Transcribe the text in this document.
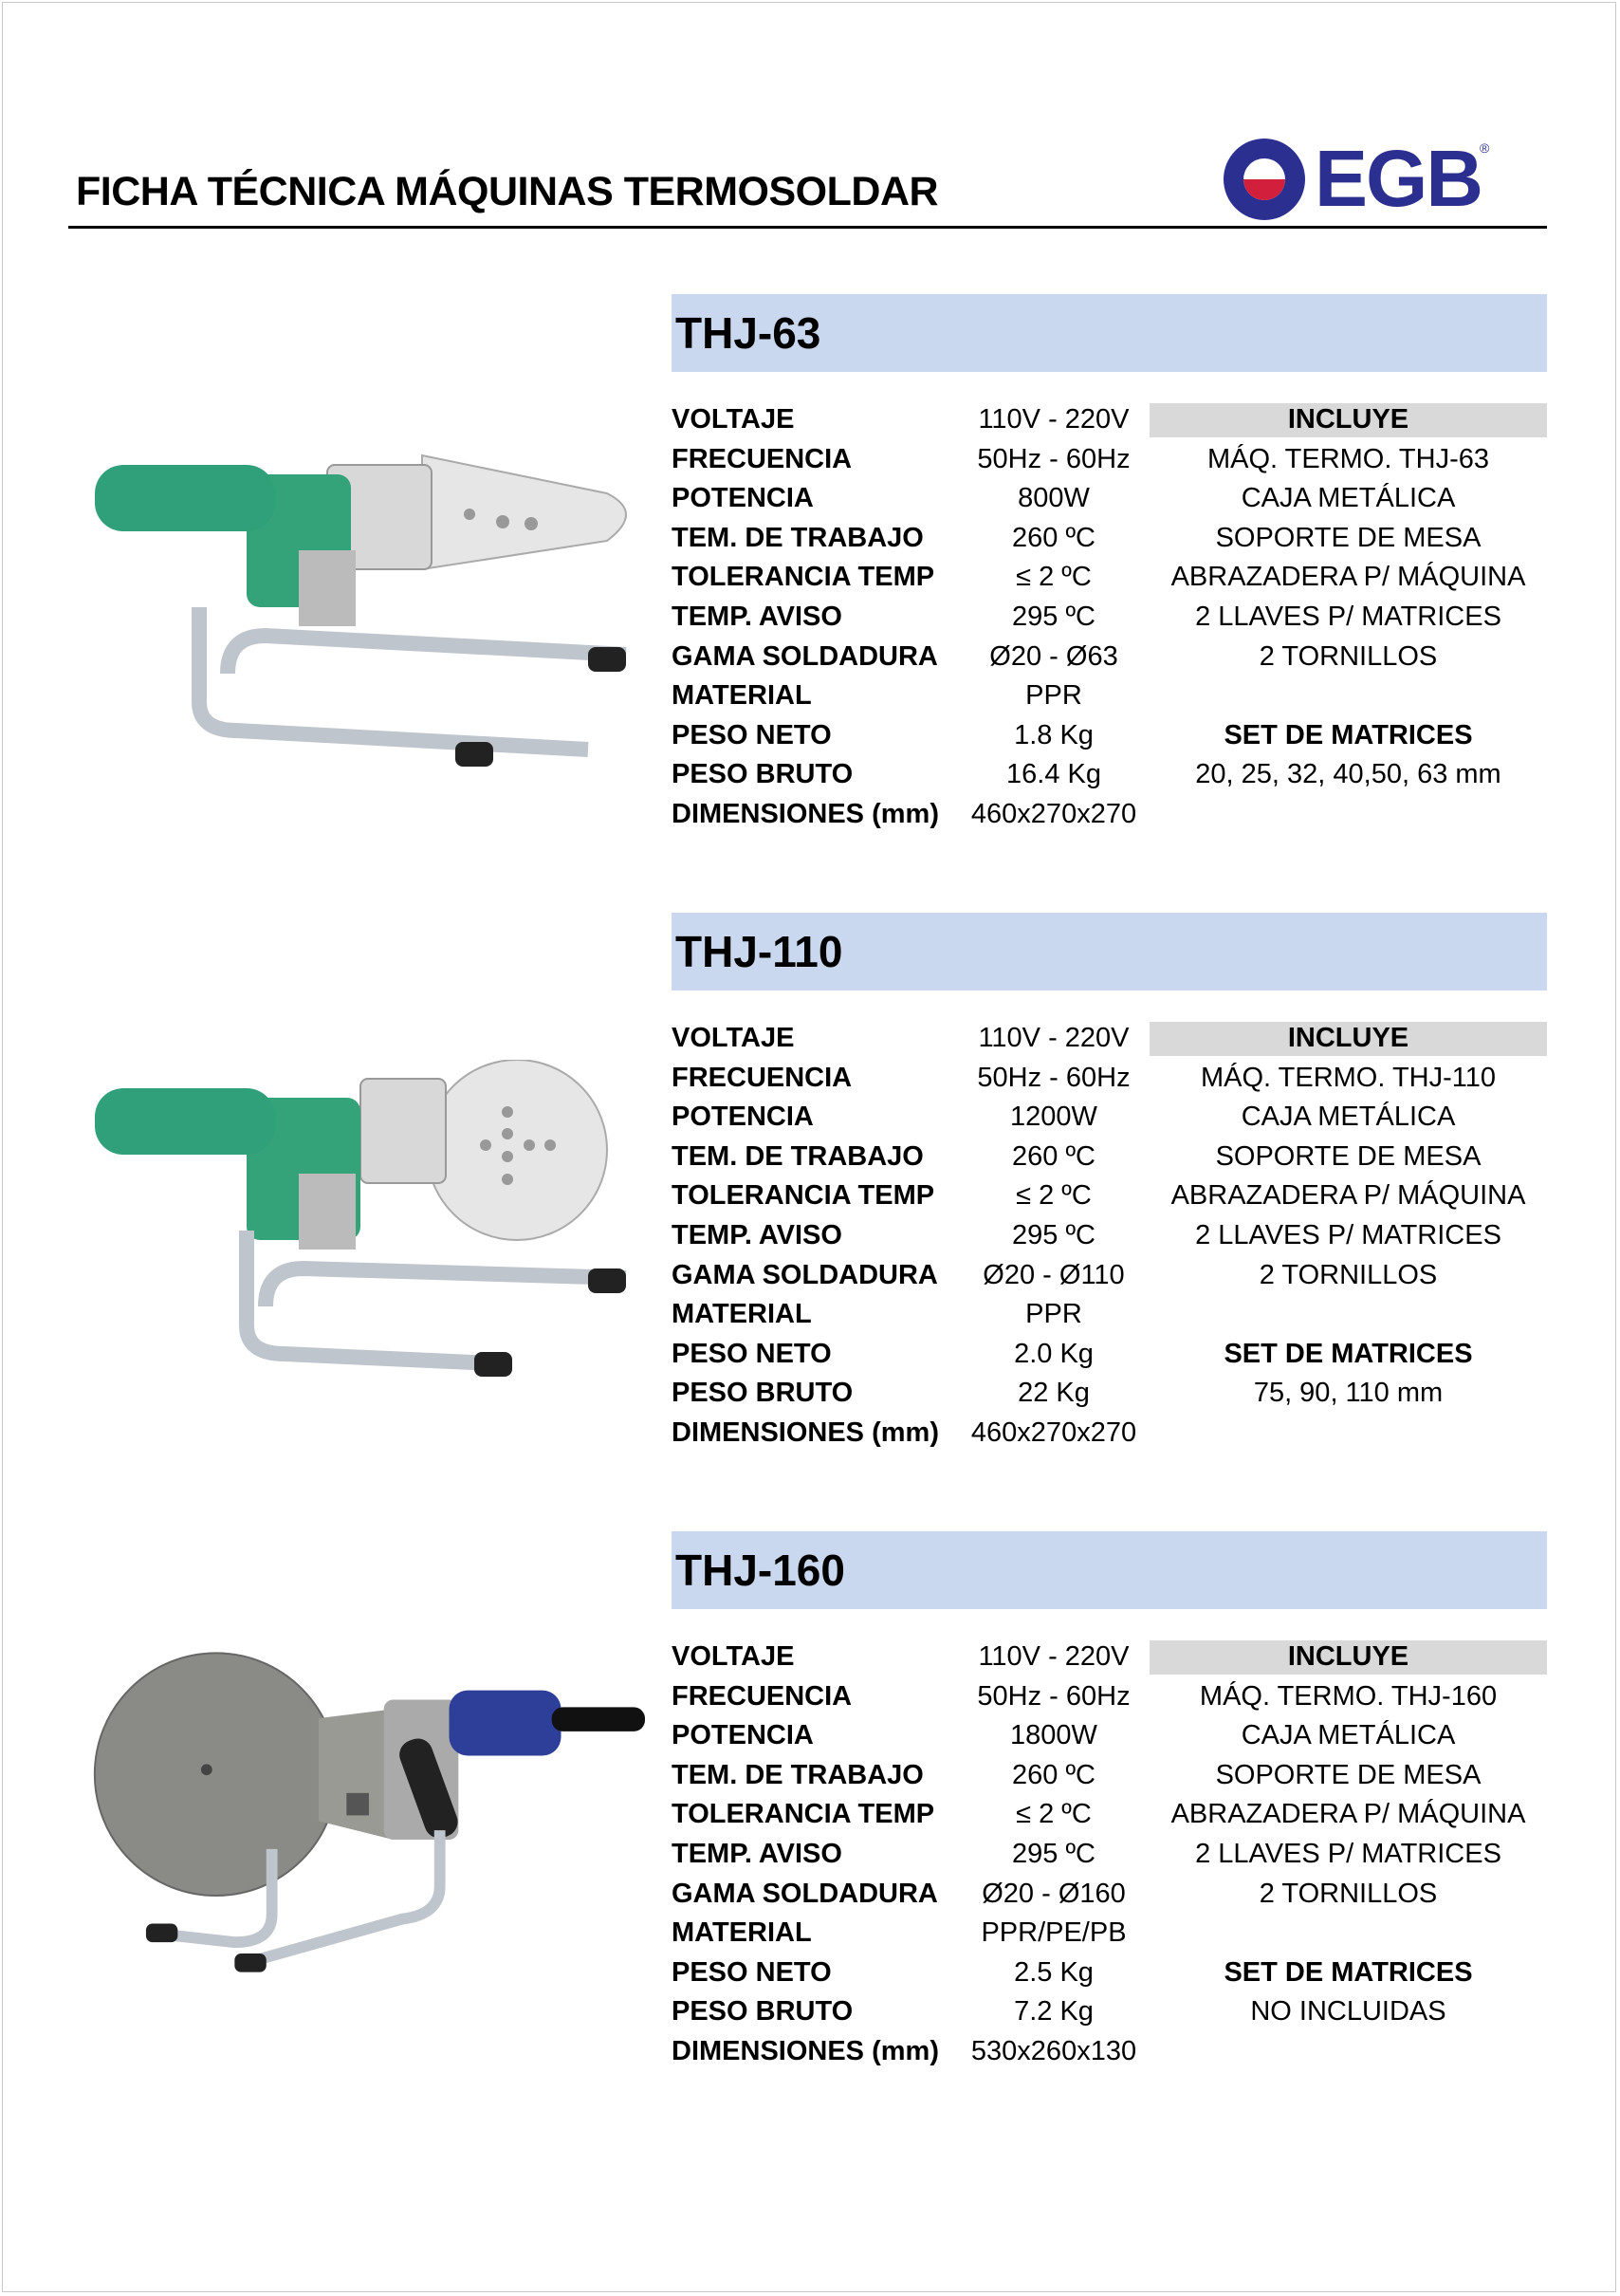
FICHA TÉCNICA MÁQUINAS TERMOSOLDAR	EGB
®
THJ-63
VOLTAJE
FRECUENCIA
POTENCIA
TEM. DE TRABAJO
TOLERANCIA TEMP
TEMP. AVISO
GAMA SOLDADURA
MATERIAL
PESO NETO
PESO BRUTO
DIMENSIONES (mm)
110V - 220V
50Hz - 60Hz
800W
260 ºC
≤ 2 ºC
295 ºC
Ø20 - Ø63
PPR
1.8 Kg
16.4 Kg
460x270x270
INCLUYE
MÁQ. TERMO. THJ-63
CAJA METÁLICA
SOPORTE DE MESA
ABRAZADERA P/ MÁQUINA
2 LLAVES P/ MATRICES
2 TORNILLOS
SET DE MATRICES
20, 25, 32, 40,50, 63 mm
THJ-110
VOLTAJE
FRECUENCIA
POTENCIA
TEM. DE TRABAJO
TOLERANCIA TEMP
TEMP. AVISO
GAMA SOLDADURA
MATERIAL
PESO NETO
PESO BRUTO
DIMENSIONES (mm)
110V - 220V
50Hz - 60Hz
1200W
260 ºC
≤ 2 ºC
295 ºC
Ø20 - Ø110
PPR
2.0 Kg
22 Kg
460x270x270
INCLUYE
MÁQ. TERMO. THJ-110
CAJA METÁLICA
SOPORTE DE MESA
ABRAZADERA P/ MÁQUINA
2 LLAVES P/ MATRICES
2 TORNILLOS
SET DE MATRICES
75, 90, 110 mm
THJ-160
VOLTAJE
FRECUENCIA
POTENCIA
TEM. DE TRABAJO
TOLERANCIA TEMP
TEMP. AVISO
GAMA SOLDADURA
MATERIAL
PESO NETO
PESO BRUTO
DIMENSIONES (mm)
110V - 220V
50Hz - 60Hz
1800W
260 ºC
≤ 2 ºC
295 ºC
Ø20 - Ø160
PPR/PE/PB
2.5 Kg
7.2 Kg
530x260x130
INCLUYE
MÁQ. TERMO. THJ-160
CAJA METÁLICA
SOPORTE DE MESA
ABRAZADERA P/ MÁQUINA
2 LLAVES P/ MATRICES
2 TORNILLOS
SET DE MATRICES
NO INCLUIDAS
